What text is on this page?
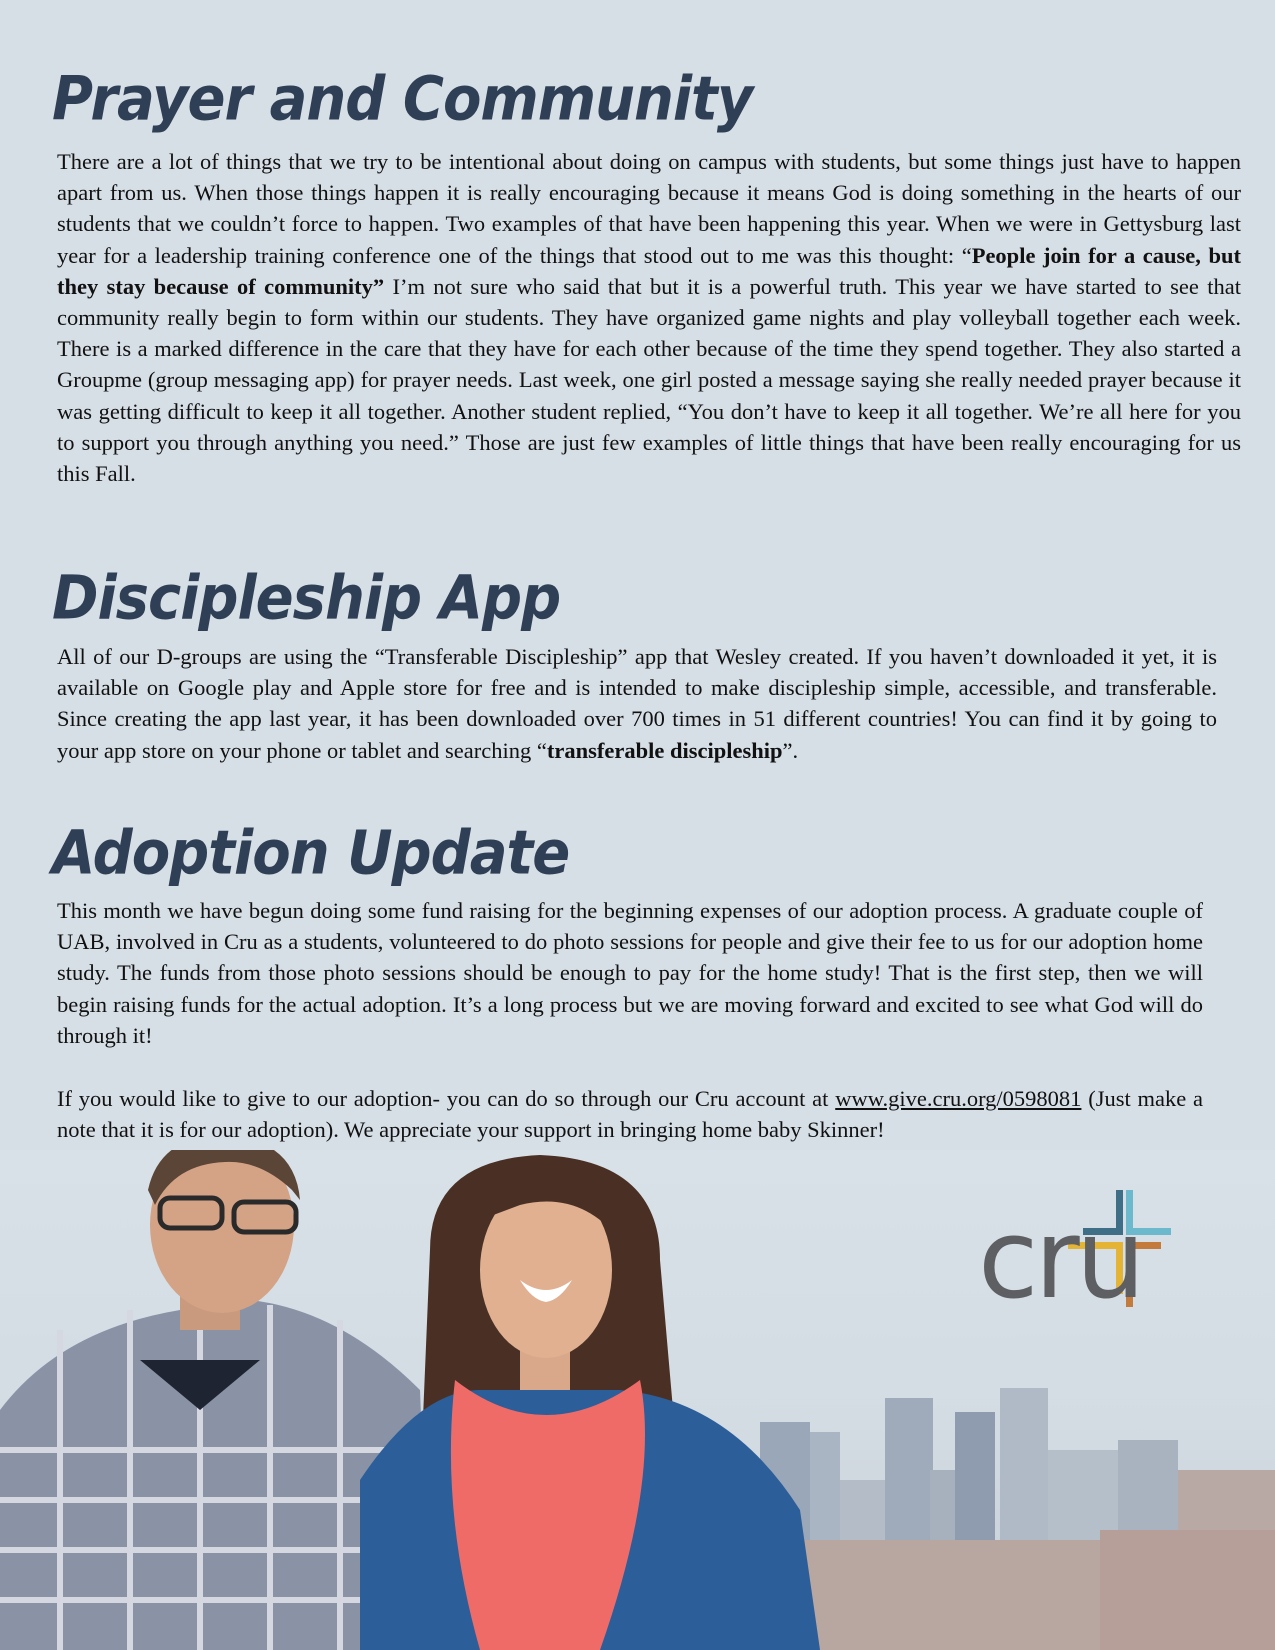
Prayer and Community

There are a lot of things that we try to be intentional about doing on campus with students, but some things just have to happen apart from us. When those things happen it is really encouraging because it means God is doing something in the hearts of our students that we couldn’t force to happen. Two examples of that have been happening this year. When we were in Gettysburg last year for a leadership training conference one of the things that stood out to me was this thought: “People join for a cause, but they stay because of community” I’m not sure who said that but it is a powerful truth. This year we have started to see that community really begin to form within our students. They have organized game nights and play volleyball together each week. There is a marked difference in the care that they have for each other because of the time they spend together. They also started a Groupme (group messaging app) for prayer needs. Last week, one girl posted a message saying she really needed prayer because it was getting difficult to keep it all together. Another student replied, “You don’t have to keep it all together. We’re all here for you to support you through anything you need.” Those are just few examples of little things that have been really encouraging for us this Fall.

Discipleship App

All of our D-groups are using the “Transferable Discipleship” app that Wesley created. If you haven’t downloaded it yet, it is available on Google play and Apple store for free and is intended to make discipleship simple, accessible, and transferable. Since creating the app last year, it has been downloaded over 700 times in 51 different countries! You can find it by going to your app store on your phone or tablet and searching “transferable discipleship”.

Adoption Update

This month we have begun doing some fund raising for the beginning expenses of our adoption process. A graduate couple of UAB, involved in Cru as a students, volunteered to do photo sessions for people and give their fee to us for our adoption home study. The funds from those photo sessions should be enough to pay for the home study! That is the first step, then we will begin raising funds for the actual adoption. It’s a long process but we are moving forward and excited to see what God will do through it!

If you would like to give to our adoption- you can do so through our Cru account at www.give.cru.org/0598081 (Just make a note that it is for our adoption). We appreciate your support in bringing home baby Skinner!

cru
